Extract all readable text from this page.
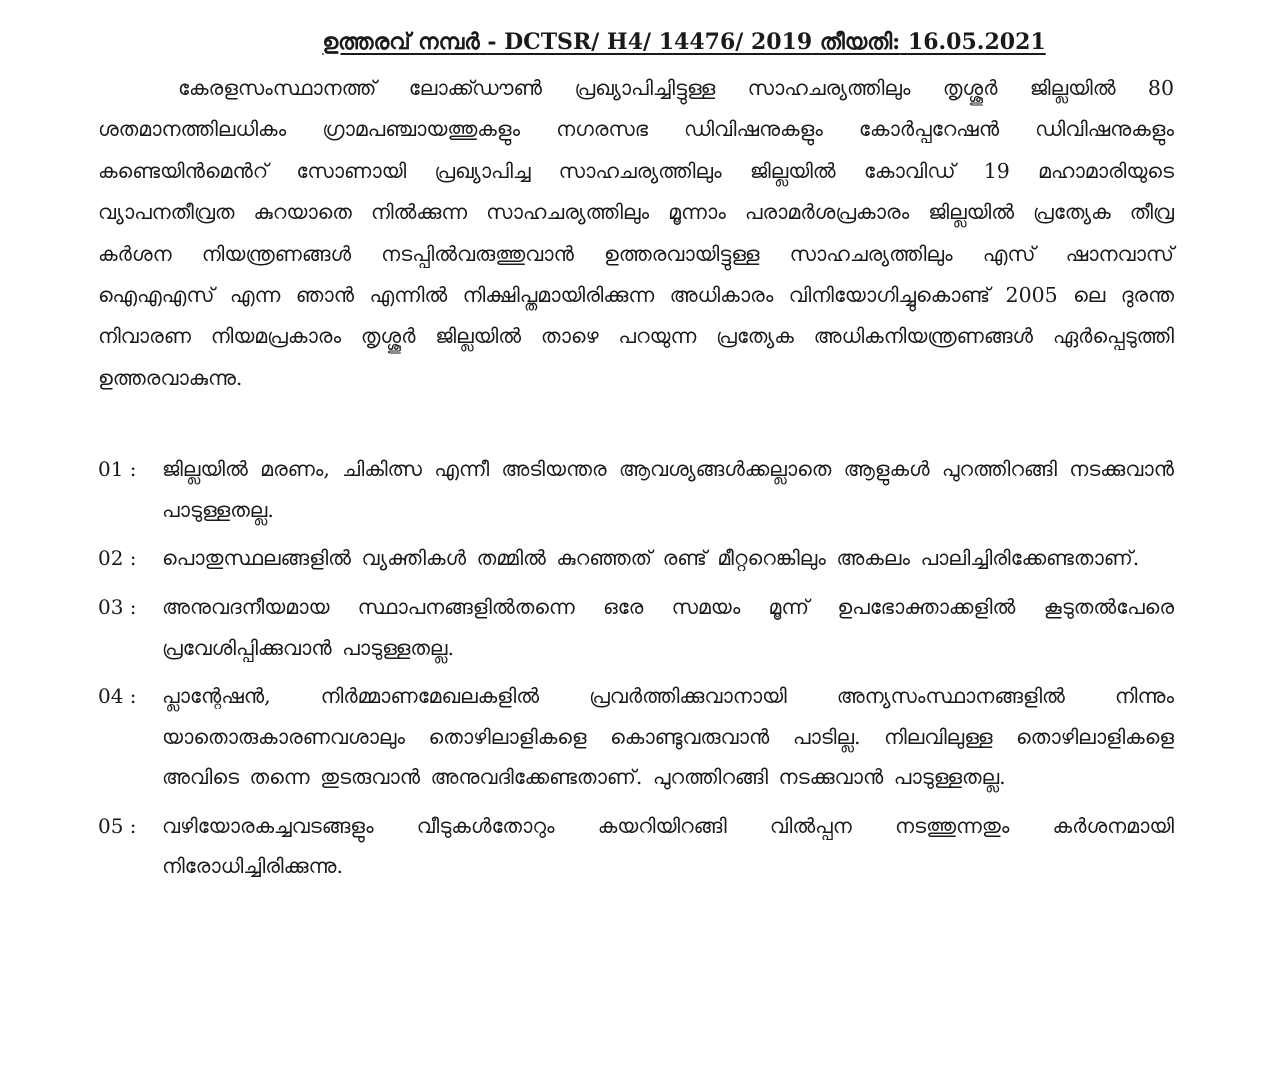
ഉത്തരവ് നമ്പർ - DCTSR/ H4/ 14476/ 2019 തീയതി: 16.05.2021

കേരളസംസ്ഥാനത്ത് ലോക്ക്ഡൗൺ പ്രഖ്യാപിച്ചിട്ടുള്ള സാഹചര്യത്തിലും തൃശ്ശൂർ ജില്ലയിൽ 80 ശതമാനത്തിലധികം ഗ്രാമപഞ്ചായത്തുകളും നഗരസഭ ഡിവിഷനുകളും കോർപ്പറേഷൻ ഡിവിഷനുകളും കണ്ടെയിൻമെൻറ് സോണായി പ്രഖ്യാപിച്ച സാഹചര്യത്തിലും ജില്ലയിൽ കോവിഡ് 19 മഹാമാരിയുടെ വ്യാപനതീവ്രത കുറയാതെ നിൽക്കുന്ന സാഹചര്യത്തിലും മൂന്നാം പരാമർശപ്രകാരം ജില്ലയിൽ പ്രത്യേക തീവ്ര കർശന നിയന്ത്രണങ്ങൾ നടപ്പിൽവരുത്തുവാൻ ഉത്തരവായിട്ടുള്ള സാഹചര്യത്തിലും എസ് ഷാനവാസ് ഐഎഎസ് എന്ന ഞാൻ എന്നിൽ നിക്ഷിപ്തമായിരിക്കുന്ന അധികാരം വിനിയോഗിച്ചുകൊണ്ട് 2005 ലെ ദുരന്ത നിവാരണ നിയമപ്രകാരം തൃശ്ശൂർ ജില്ലയിൽ താഴെ പറയുന്ന പ്രത്യേക അധികനിയന്ത്രണങ്ങൾ ഏർപ്പെടുത്തി ഉത്തരവാകുന്നു.

01 :	ജില്ലയിൽ മരണം, ചികിത്സ എന്നീ അടിയന്തര ആവശ്യങ്ങൾക്കല്ലാതെ ആളുകൾ പുറത്തിറങ്ങി നടക്കുവാൻ പാടുള്ളതല്ല.

02 :	പൊതുസ്ഥലങ്ങളിൽ വ്യക്തികൾ തമ്മിൽ കുറഞ്ഞത് രണ്ട് മീറ്ററെങ്കിലും അകലം പാലിച്ചിരിക്കേണ്ടതാണ്.

03 :	അനുവദനീയമായ സ്ഥാപനങ്ങളിൽതന്നെ ഒരേ സമയം മൂന്ന് ഉപഭോക്താക്കളിൽ കൂടുതൽപേരെ പ്രവേശിപ്പിക്കുവാൻ പാടുള്ളതല്ല.

04 :	പ്ലാന്റേഷൻ, നിർമ്മാണമേഖലകളിൽ പ്രവർത്തിക്കുവാനായി അന്യസംസ്ഥാനങ്ങളിൽ നിന്നും യാതൊരുകാരണവശാലും തൊഴിലാളികളെ കൊണ്ടുവരുവാൻ പാടില്ല. നിലവിലുള്ള തൊഴിലാളികളെ അവിടെ തന്നെ തുടരുവാൻ അനുവദിക്കേണ്ടതാണ്. പുറത്തിറങ്ങി നടക്കുവാൻ പാടുള്ളതല്ല.

05 :	വഴിയോരകച്ചവടങ്ങളും വീടുകൾതോറും കയറിയിറങ്ങി വിൽപ്പന നടത്തുന്നതും കർശനമായി നിരോധിച്ചിരിക്കുന്നു.
